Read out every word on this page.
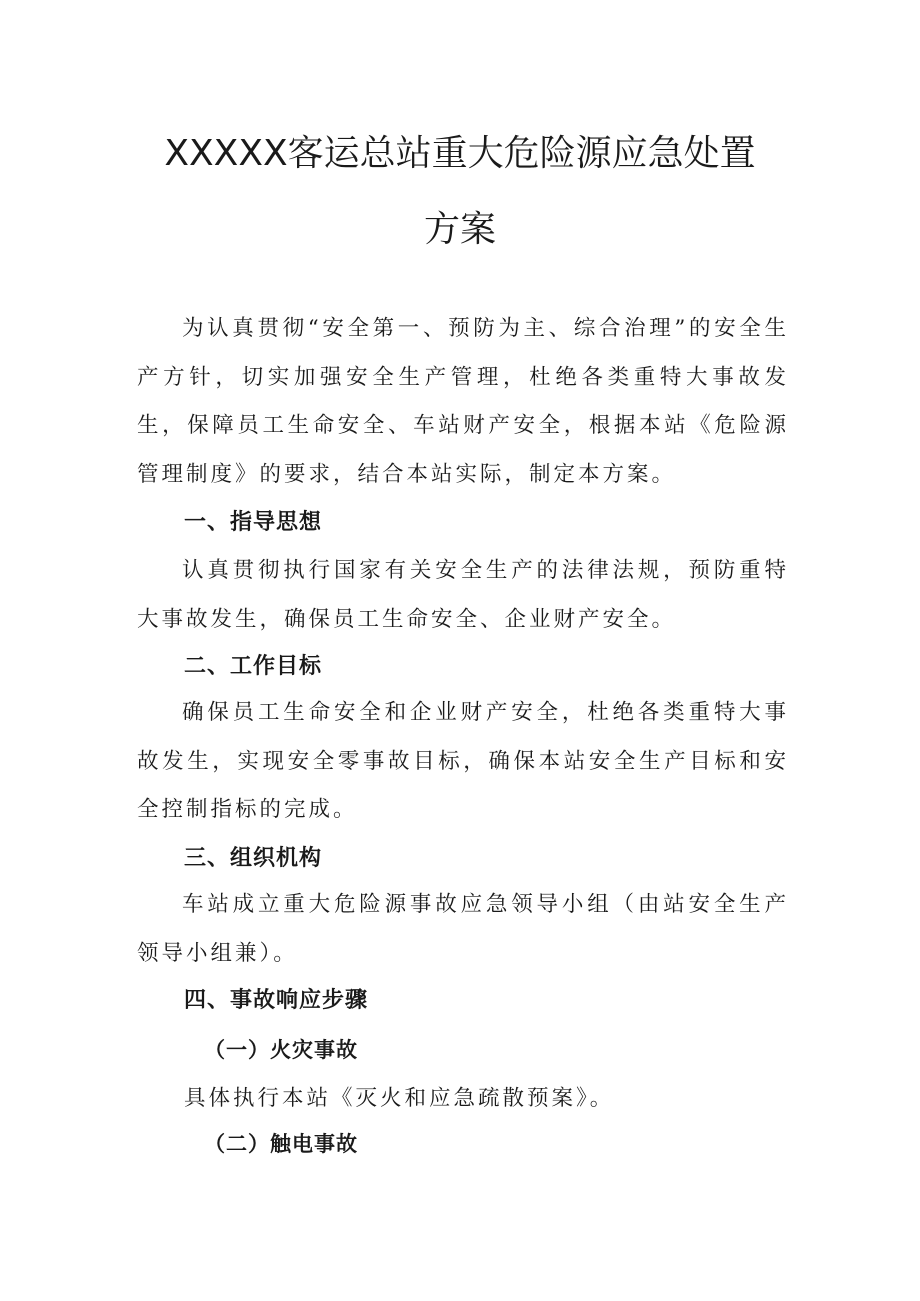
XXXXX客运总站重大危险源应急处置
方案

为认真贯彻“安全第一、预防为主、综合治理”的安全生产方针，切实加强安全生产管理，杜绝各类重特大事故发生，保障员工生命安全、车站财产安全，根据本站《危险源管理制度》的要求，结合本站实际，制定本方案。

一、指导思想

认真贯彻执行国家有关安全生产的法律法规，预防重特大事故发生，确保员工生命安全、企业财产安全。

二、工作目标

确保员工生命安全和企业财产安全，杜绝各类重特大事故发生，实现安全零事故目标，确保本站安全生产目标和安全控制指标的完成。

三、组织机构

车站成立重大危险源事故应急领导小组（由站安全生产领导小组兼）。

四、事故响应步骤
（一）火灾事故

具体执行本站《灭火和应急疏散预案》。

（二）触电事故
